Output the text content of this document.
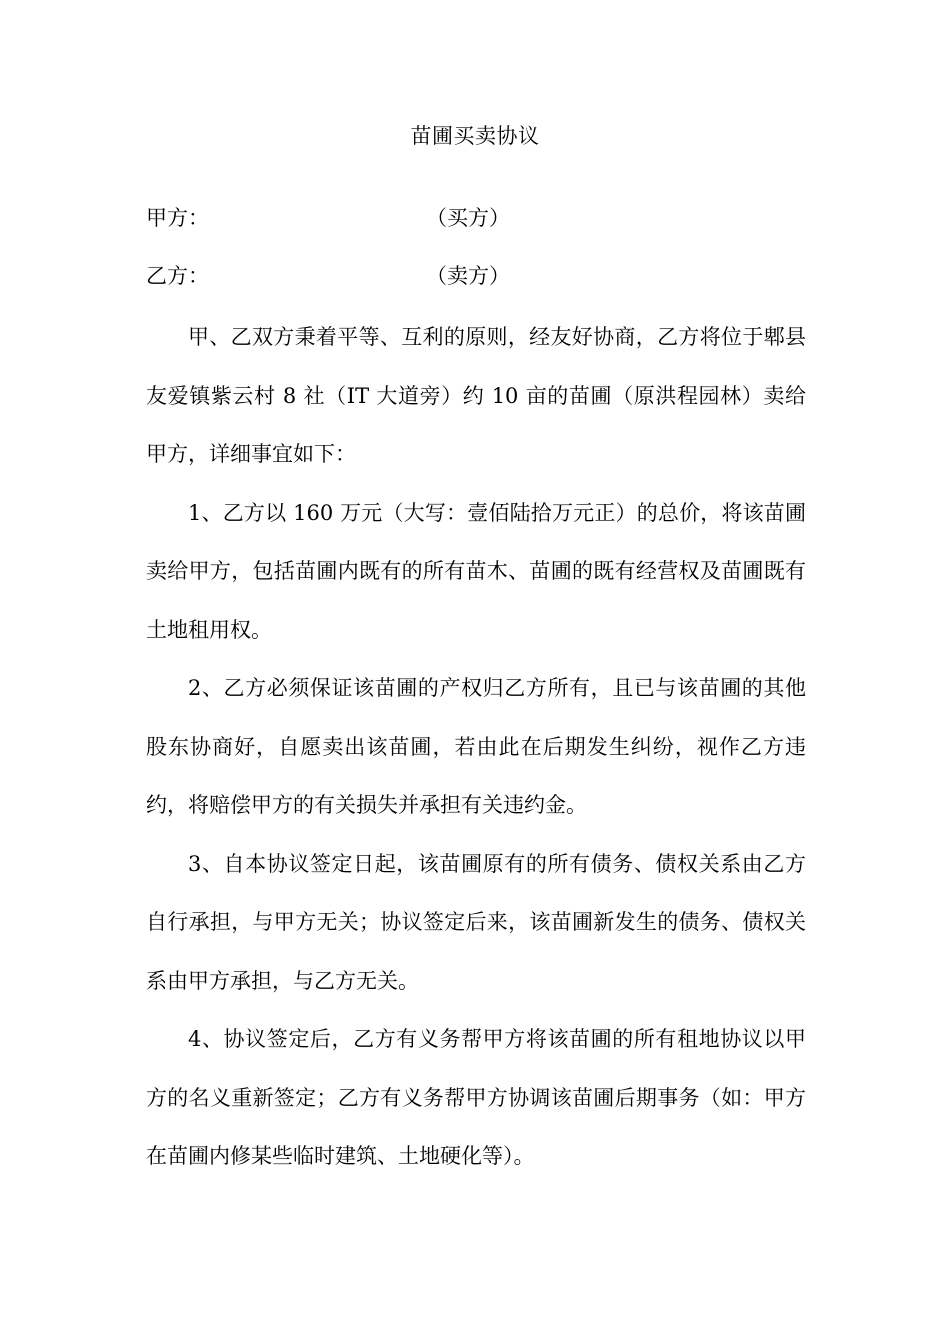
苗圃买卖协议
甲方：	（买方）
乙方：	（卖方）

甲、乙双方秉着平等、互利的原则，经友好协商，乙方将位于郫县友爱镇紫云村 8 社（IT 大道旁）约 10 亩的苗圃（原洪程园林）卖给甲方，详细事宜如下：

1、乙方以 160 万元（大写：壹佰陆拾万元正）的总价，将该苗圃卖给甲方，包括苗圃内既有的所有苗木、苗圃的既有经营权及苗圃既有土地租用权。

2、乙方必须保证该苗圃的产权归乙方所有，且已与该苗圃的其他股东协商好，自愿卖出该苗圃，若由此在后期发生纠纷，视作乙方违约，将赔偿甲方的有关损失并承担有关违约金。

3、自本协议签定日起，该苗圃原有的所有债务、债权关系由乙方自行承担，与甲方无关；协议签定后来，该苗圃新发生的债务、债权关系由甲方承担，与乙方无关。

4、协议签定后，乙方有义务帮甲方将该苗圃的所有租地协议以甲方的名义重新签定；乙方有义务帮甲方协调该苗圃后期事务（如：甲方在苗圃内修某些临时建筑、土地硬化等）。
